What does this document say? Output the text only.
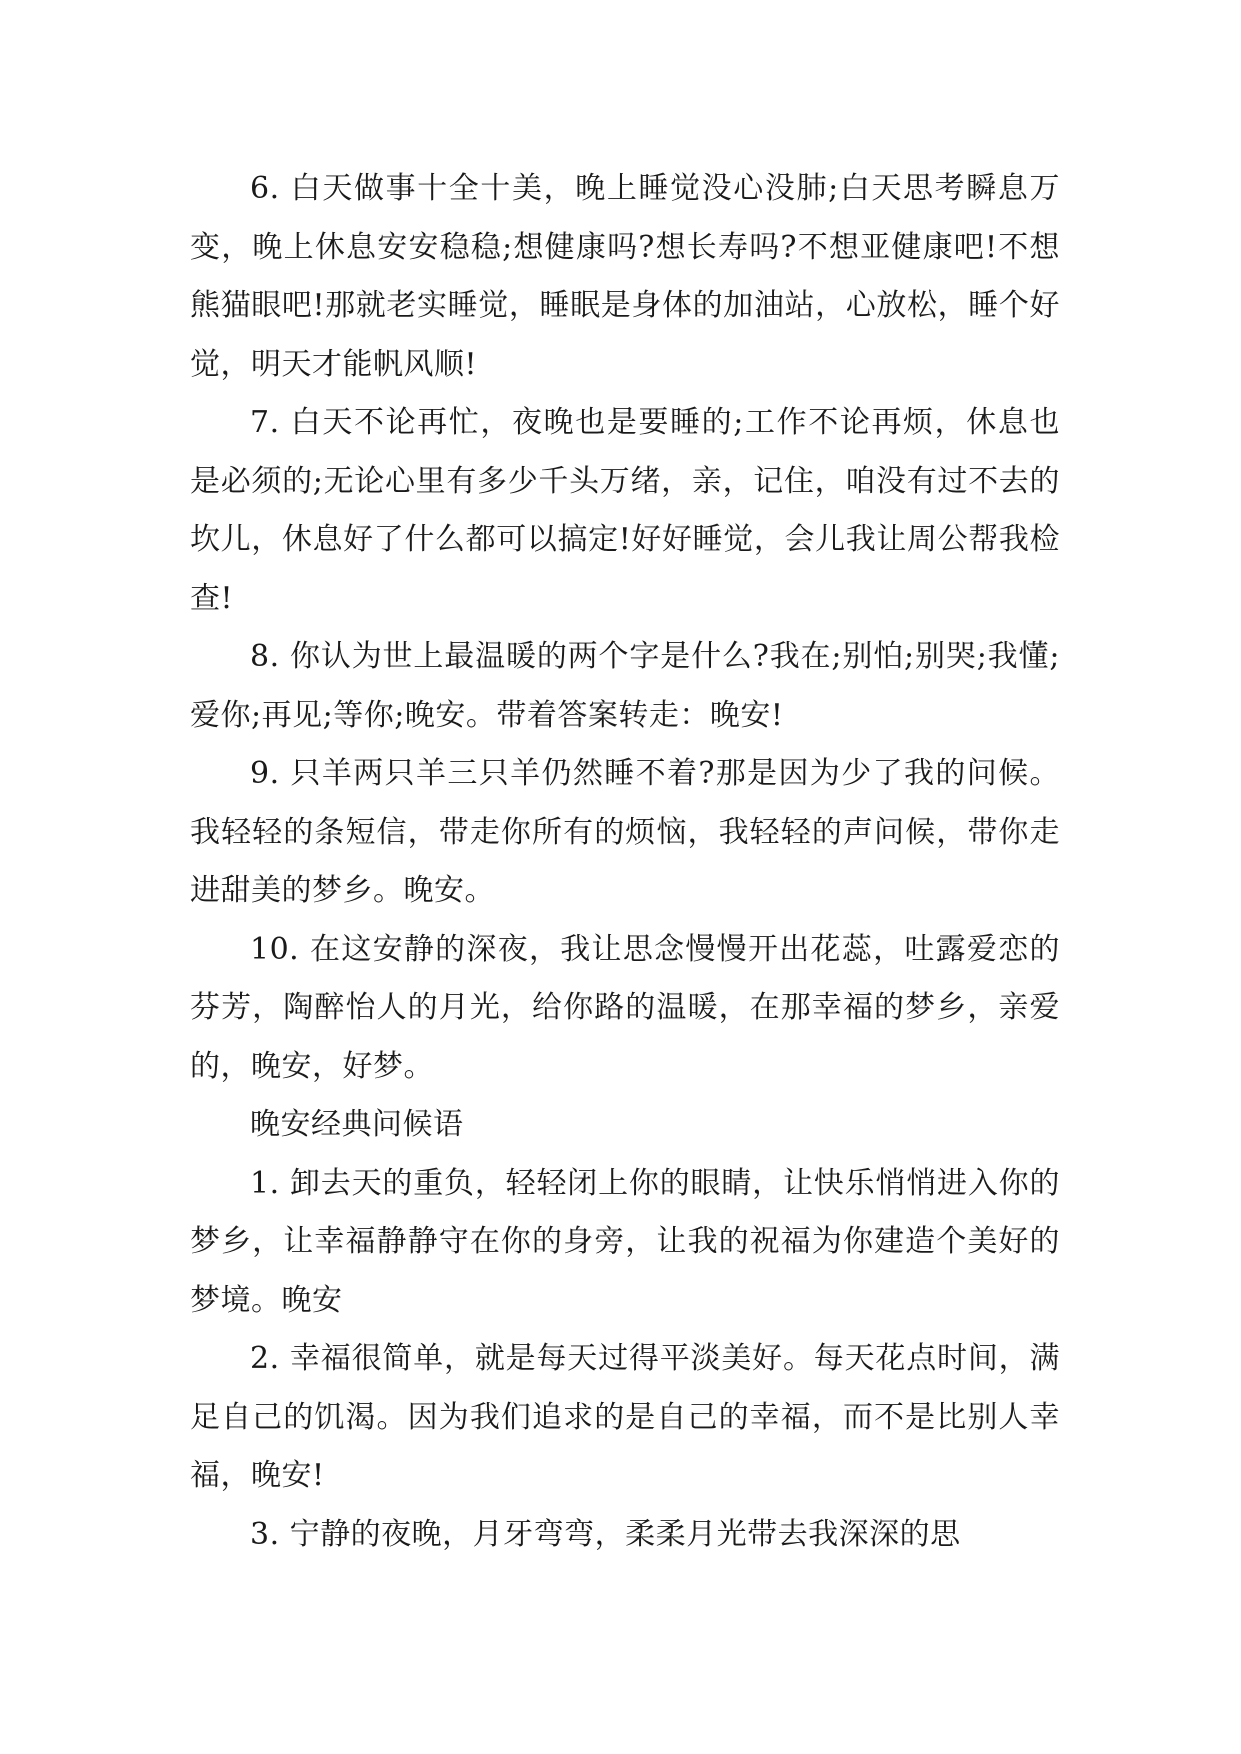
6. 白天做事十全十美，晚上睡觉没心没肺;白天思考瞬息万变，晚上休息安安稳稳;想健康吗?想长寿吗?不想亚健康吧!不想熊猫眼吧!那就老实睡觉，睡眠是身体的加油站，心放松，睡个好觉，明天才能帆风顺!

7. 白天不论再忙，夜晚也是要睡的;工作不论再烦，休息也是必须的;无论心里有多少千头万绪，亲，记住，咱没有过不去的坎儿，休息好了什么都可以搞定!好好睡觉，会儿我让周公帮我检查!

8. 你认为世上最温暖的两个字是什么?我在;别怕;别哭;我懂;爱你;再见;等你;晚安。带着答案转走：晚安!

9. 只羊两只羊三只羊仍然睡不着?那是因为少了我的问候。我轻轻的条短信，带走你所有的烦恼，我轻轻的声问候，带你走进甜美的梦乡。晚安。

10. 在这安静的深夜，我让思念慢慢开出花蕊，吐露爱恋的芬芳，陶醉怡人的月光，给你路的温暖，在那幸福的梦乡，亲爱的，晚安，好梦。

晚安经典问候语

1. 卸去天的重负，轻轻闭上你的眼睛，让快乐悄悄进入你的梦乡，让幸福静静守在你的身旁，让我的祝福为你建造个美好的梦境。晚安

2. 幸福很简单，就是每天过得平淡美好。每天花点时间，满足自己的饥渴。因为我们追求的是自己的幸福，而不是比别人幸福，晚安!

3. 宁静的夜晚，月牙弯弯，柔柔月光带去我深深的思
